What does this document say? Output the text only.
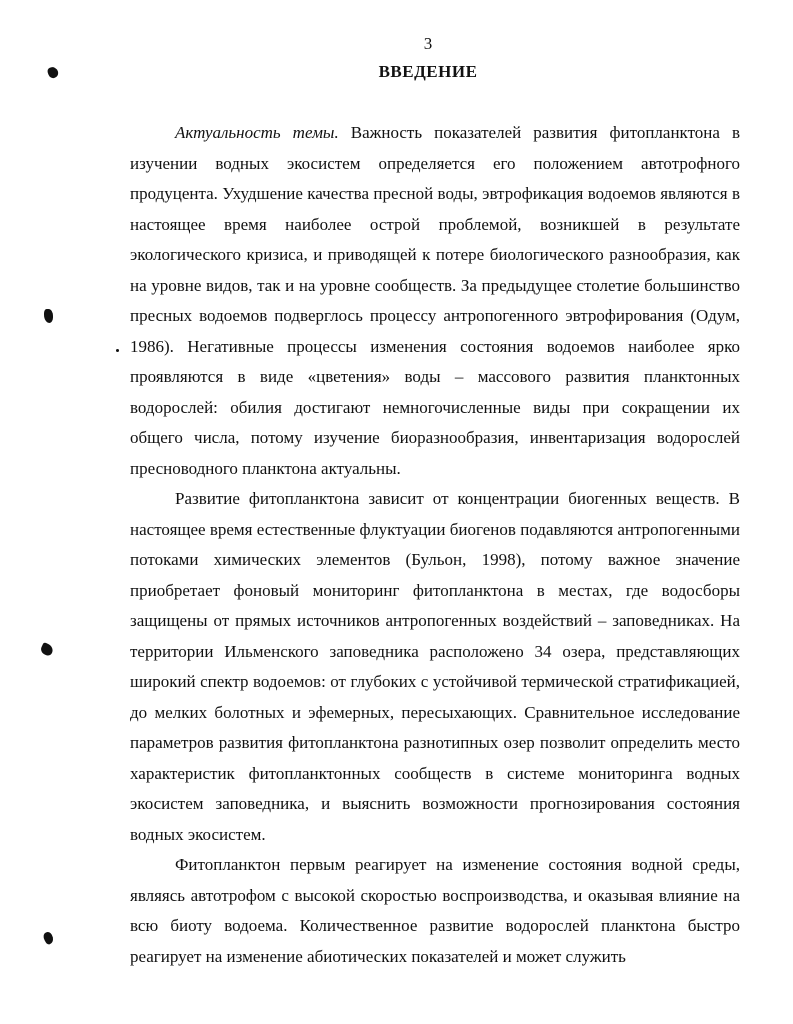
3
ВВЕДЕНИЕ

Актуальность темы. Важность показателей развития фитопланктона в изучении водных экосистем определяется его положением автотрофного продуцента. Ухудшение качества пресной воды, эвтрофикация водоемов являются в настоящее время наиболее острой проблемой, возникшей в результате экологического кризиса, и приводящей к потере биологического разнообразия, как на уровне видов, так и на уровне сообществ. За предыдущее столетие большинство пресных водоемов подверглось процессу антропогенного эвтрофирования (Одум, 1986). Негативные процессы изменения состояния водоемов наиболее ярко проявляются в виде «цветения» воды – массового развития планктонных водорослей: обилия достигают немногочисленные виды при сокращении их общего числа, потому изучение биоразнообразия, инвентаризация водорослей пресноводного планктона актуальны.

Развитие фитопланктона зависит от концентрации биогенных веществ. В настоящее время естественные флуктуации биогенов подавляются антропогенными потоками химических элементов (Бульон, 1998), потому важное значение приобретает фоновый мониторинг фитопланктона в местах, где водосборы защищены от прямых источников антропогенных воздействий – заповедниках. На территории Ильменского заповедника расположено 34 озера, представляющих широкий спектр водоемов: от глубоких с устойчивой термической стратификацией, до мелких болотных и эфемерных, пересыхающих. Сравнительное исследование параметров развития фитопланктона разнотипных озер позволит определить место характеристик фитопланктонных сообществ в системе мониторинга водных экосистем заповедника, и выяснить возможности прогнозирования состояния водных экосистем.

Фитопланктон первым реагирует на изменение состояния водной среды, являясь автотрофом с высокой скоростью воспроизводства, и оказывая влияние на всю биоту водоема. Количественное развитие водорослей планктона быстро реагирует на изменение абиотических показателей и может служить
